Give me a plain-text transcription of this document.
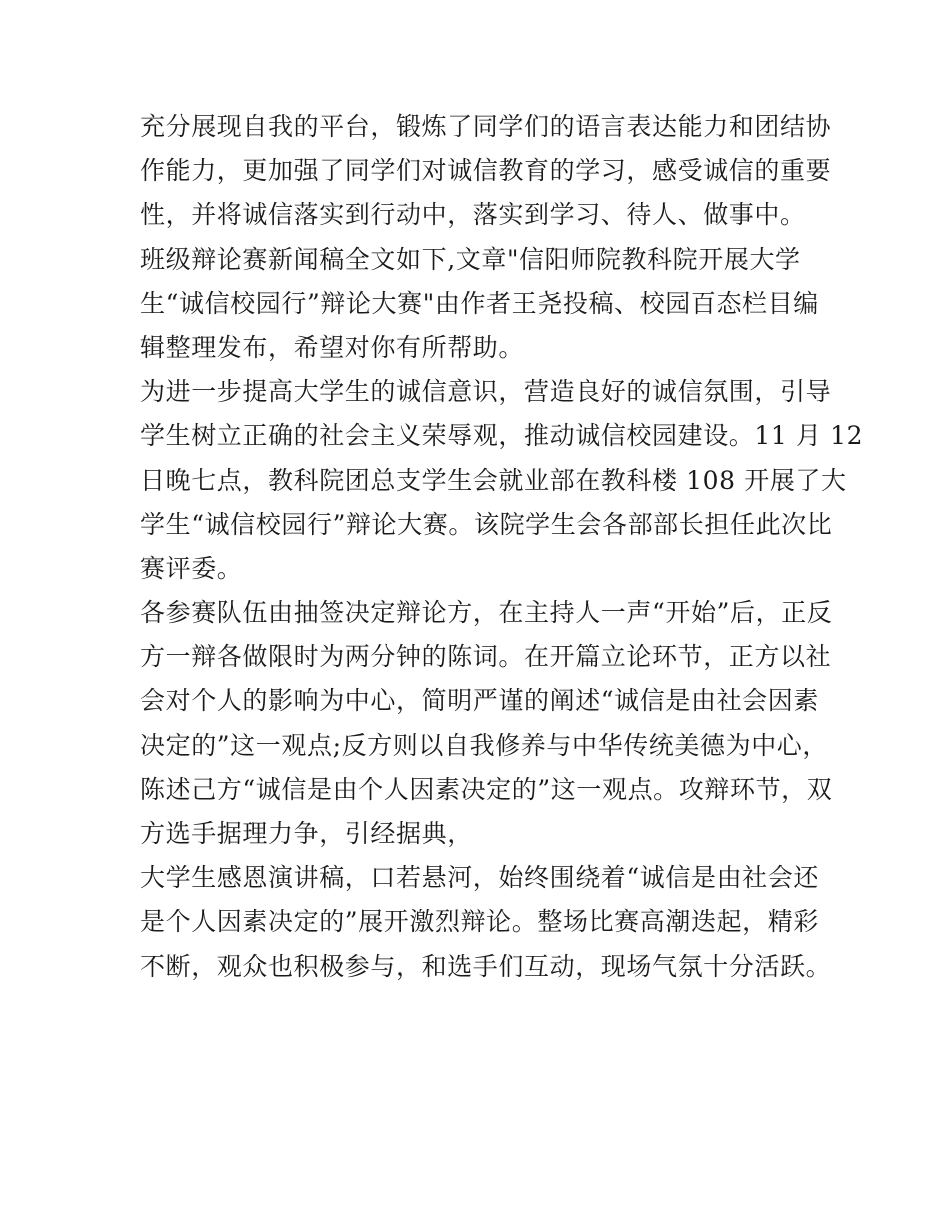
充分展现自我的平台，锻炼了同学们的语言表达能力和团结协
作能力，更加强了同学们对诚信教育的学习，感受诚信的重要
性，并将诚信落实到行动中，落实到学习、待人、做事中。
班级辩论赛新闻稿全文如下,文章"信阳师院教科院开展大学
生“诚信校园行”辩论大赛"由作者王尧投稿、校园百态栏目编
辑整理发布，希望对你有所帮助。
为进一步提高大学生的诚信意识，营造良好的诚信氛围，引导
学生树立正确的社会主义荣辱观，推动诚信校园建设。11 月 12
日晚七点，教科院团总支学生会就业部在教科楼 108 开展了大
学生“诚信校园行”辩论大赛。该院学生会各部部长担任此次比
赛评委。
各参赛队伍由抽签决定辩论方，在主持人一声“开始”后，正反
方一辩各做限时为两分钟的陈词。在开篇立论环节，正方以社
会对个人的影响为中心，简明严谨的阐述“诚信是由社会因素
决定的”这一观点;反方则以自我修养与中华传统美德为中心，
陈述己方“诚信是由个人因素决定的”这一观点。攻辩环节，双
方选手据理力争，引经据典，
大学生感恩演讲稿，口若悬河，始终围绕着“诚信是由社会还
是个人因素决定的”展开激烈辩论。整场比赛高潮迭起，精彩
不断，观众也积极参与，和选手们互动，现场气氛十分活跃。
